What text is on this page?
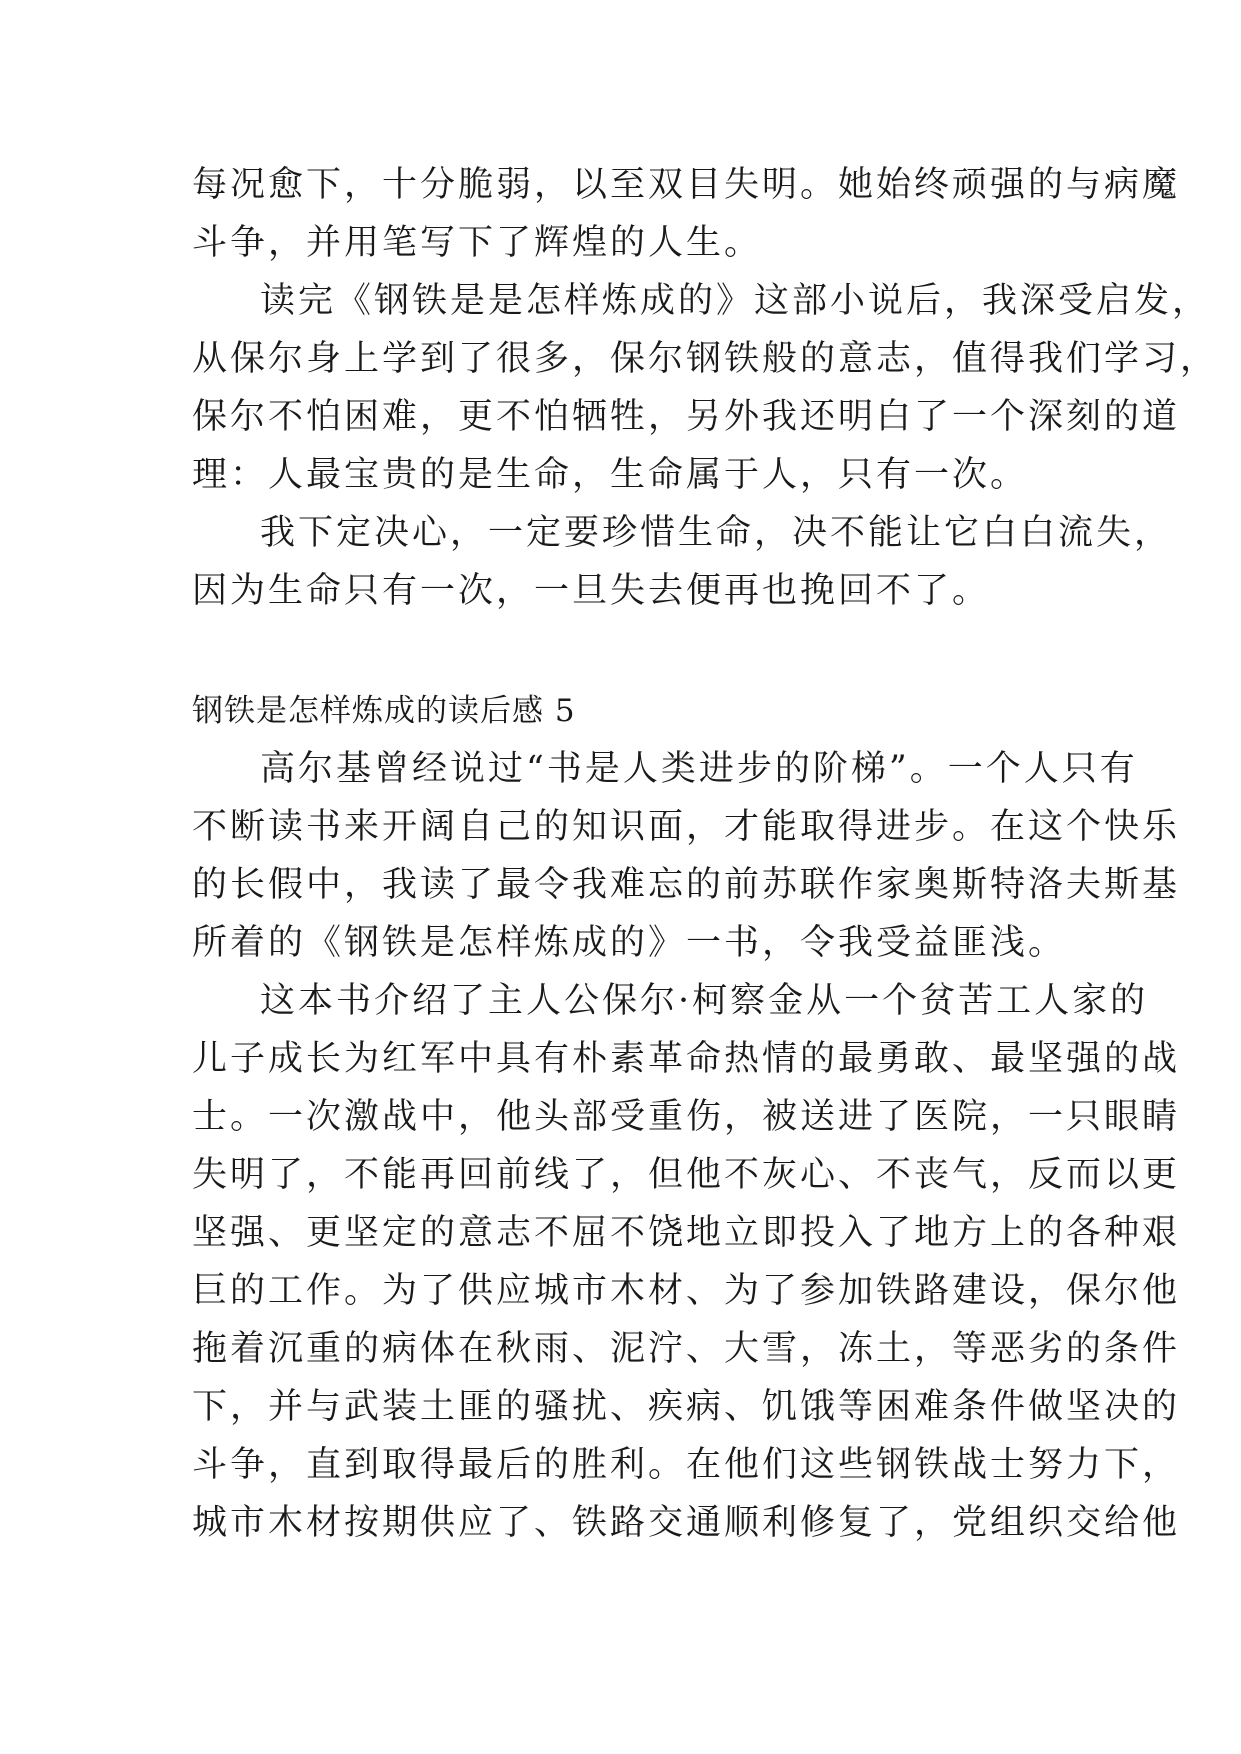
每况愈下，十分脆弱，以至双目失明。她始终顽强的与病魔
斗争，并用笔写下了辉煌的人生。
读完《钢铁是是怎样炼成的》这部小说后，我深受启发，
从保尔身上学到了很多，保尔钢铁般的意志，值得我们学习，
保尔不怕困难，更不怕牺牲，另外我还明白了一个深刻的道
理：人最宝贵的是生命，生命属于人，只有一次。
我下定决心，一定要珍惜生命，决不能让它白白流失，
因为生命只有一次，一旦失去便再也挽回不了。
钢铁是怎样炼成的读后感 5
高尔基曾经说过“书是人类进步的阶梯”。一个人只有
不断读书来开阔自己的知识面，才能取得进步。在这个快乐
的长假中，我读了最令我难忘的前苏联作家奥斯特洛夫斯基
所着的《钢铁是怎样炼成的》一书，令我受益匪浅。
这本书介绍了主人公保尔·柯察金从一个贫苦工人家的
儿子成长为红军中具有朴素革命热情的最勇敢、最坚强的战
士。一次激战中，他头部受重伤，被送进了医院，一只眼睛
失明了，不能再回前线了，但他不灰心、不丧气，反而以更
坚强、更坚定的意志不屈不饶地立即投入了地方上的各种艰
巨的工作。为了供应城市木材、为了参加铁路建设，保尔他
拖着沉重的病体在秋雨、泥泞、大雪，冻土，等恶劣的条件
下，并与武装土匪的骚扰、疾病、饥饿等困难条件做坚决的
斗争，直到取得最后的胜利。在他们这些钢铁战士努力下，
城市木材按期供应了、铁路交通顺利修复了，党组织交给他
